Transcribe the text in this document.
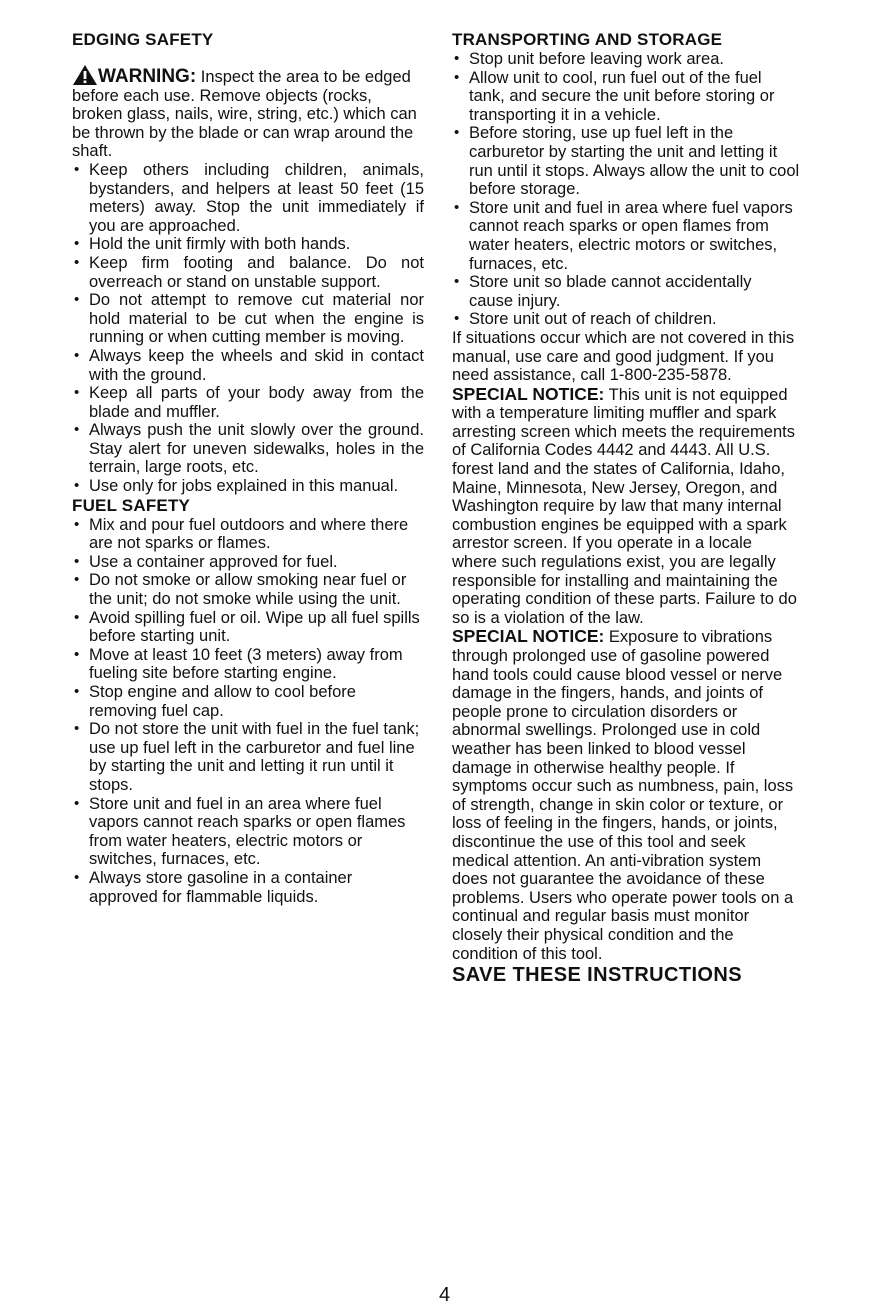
EDGING SAFETY

WARNING: Inspect the area to be edged before each use. Remove objects (rocks, broken glass, nails, wire, string, etc.) which can be thrown by the blade or can wrap around the shaft.

• Keep others including children, animals, bystanders, and helpers at least 50 feet (15 meters) away. Stop the unit immediately if you are approached.
• Hold the unit firmly with both hands.
• Keep firm footing and balance. Do not overreach or stand on unstable support.
• Do not attempt to remove cut material nor hold material to be cut when the engine is running or when cutting member is moving.
• Always keep the wheels and skid in contact with the ground.
• Keep all parts of your body away from the blade and muffler.
• Always push the unit slowly over the ground. Stay alert for uneven sidewalks, holes in the terrain, large roots, etc.
• Use only for jobs explained in this manual.

FUEL SAFETY

• Mix and pour fuel outdoors and where there are not sparks or flames.
• Use a container approved for fuel.
• Do not smoke or allow smoking near fuel or the unit; do not smoke while using the unit.
• Avoid spilling fuel or oil. Wipe up all fuel spills before starting unit.
• Move at least 10 feet (3 meters) away from fueling site before starting engine.
• Stop engine and allow to cool before removing fuel cap.
• Do not store the unit with fuel in the fuel tank; use up fuel left in the carburetor and fuel line by starting the unit and letting it run until it stops.
• Store unit and fuel in an area where fuel vapors cannot reach sparks or open flames from water heaters, electric motors or switches, furnaces, etc.
• Always store gasoline in a container approved for flammable liquids.

TRANSPORTING AND STORAGE

• Stop unit before leaving work area.
• Allow unit to cool, run fuel out of the fuel tank, and secure the unit before storing or transporting it in a vehicle.
• Before storing, use up fuel left in the carburetor by starting the unit and letting it run until it stops. Always allow the unit to cool before storage.
• Store unit and fuel in area where fuel vapors cannot reach sparks or open flames from water heaters, electric motors or switches, furnaces, etc.
• Store unit so blade cannot accidentally cause injury.
• Store unit out of reach of children.

If situations occur which are not covered in this manual, use care and good judgment. If you need assistance, call 1-800-235-5878.

SPECIAL NOTICE: This unit is not equipped with a temperature limiting muffler and spark arresting screen which meets the requirements of California Codes 4442 and 4443. All U.S. forest land and the states of California, Idaho, Maine, Minnesota, New Jersey, Oregon, and Washington require by law that many internal combustion engines be equipped with a spark arrestor screen. If you operate in a locale where such regulations exist, you are legally responsible for installing and maintaining the operating condition of these parts. Failure to do so is a violation of the law.

SPECIAL NOTICE: Exposure to vibrations through prolonged use of gasoline powered hand tools could cause blood vessel or nerve damage in the fingers, hands, and joints of people prone to circulation disorders or abnormal swellings. Prolonged use in cold weather has been linked to blood vessel damage in otherwise healthy people. If symptoms occur such as numbness, pain, loss of strength, change in skin color or texture, or loss of feeling in the fingers, hands, or joints, discontinue the use of this tool and seek medical attention. An anti-vibration system does not guarantee the avoidance of these problems. Users who operate power tools on a continual and regular basis must monitor closely their physical condition and the condition of this tool.

SAVE THESE INSTRUCTIONS

4
